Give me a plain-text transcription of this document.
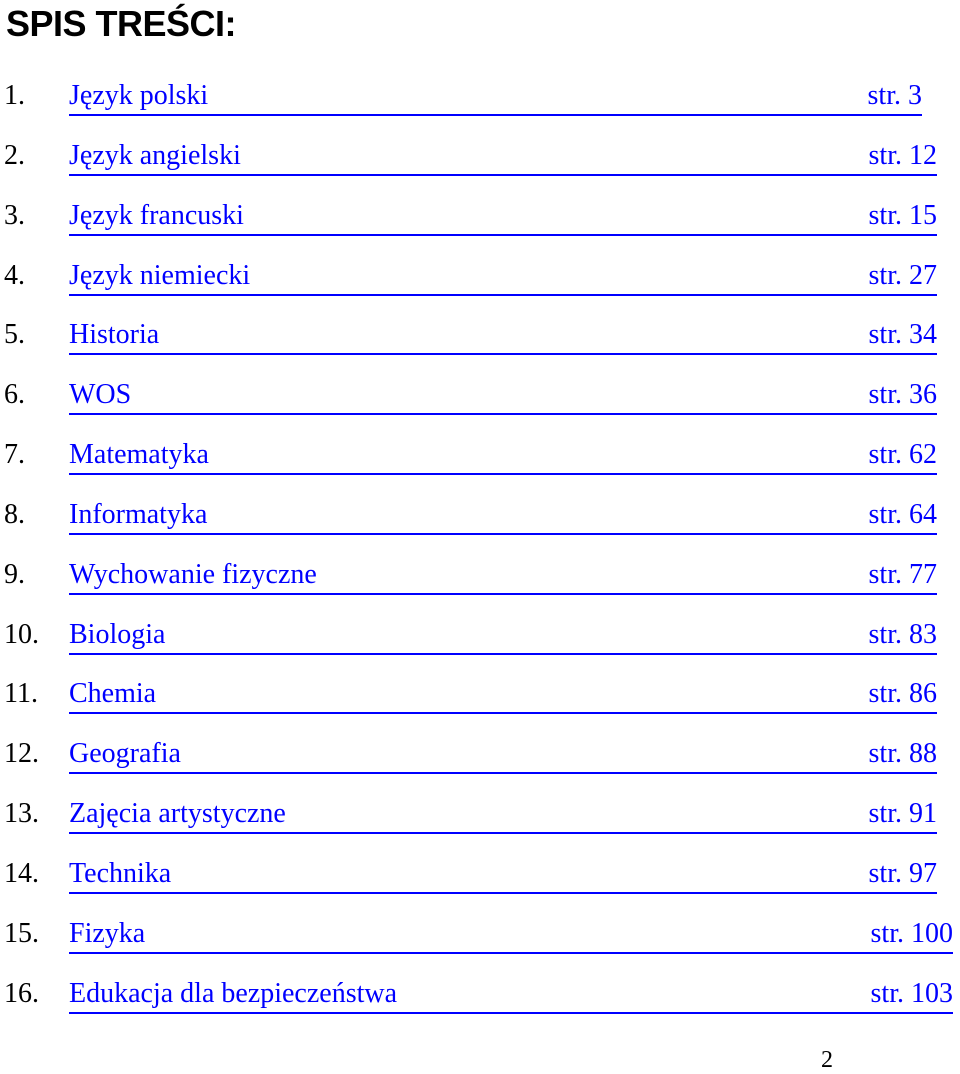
SPIS TREŚCI:
1. Język polski	str. 3
2. Język angielski	str. 12
3. Język francuski	str. 15
4. Język niemiecki	str. 27
5. Historia	str. 34
6. WOS	str. 36
7. Matematyka	str. 62
8. Informatyka	str. 64
9. Wychowanie fizyczne	str. 77
10. Biologia	str. 83
11. Chemia	str. 86
12. Geografia	str. 88
13. Zajęcia artystyczne	str. 91
14. Technika	str. 97
15. Fizyka	str. 100
16. Edukacja dla bezpieczeństwa	str. 103
2
